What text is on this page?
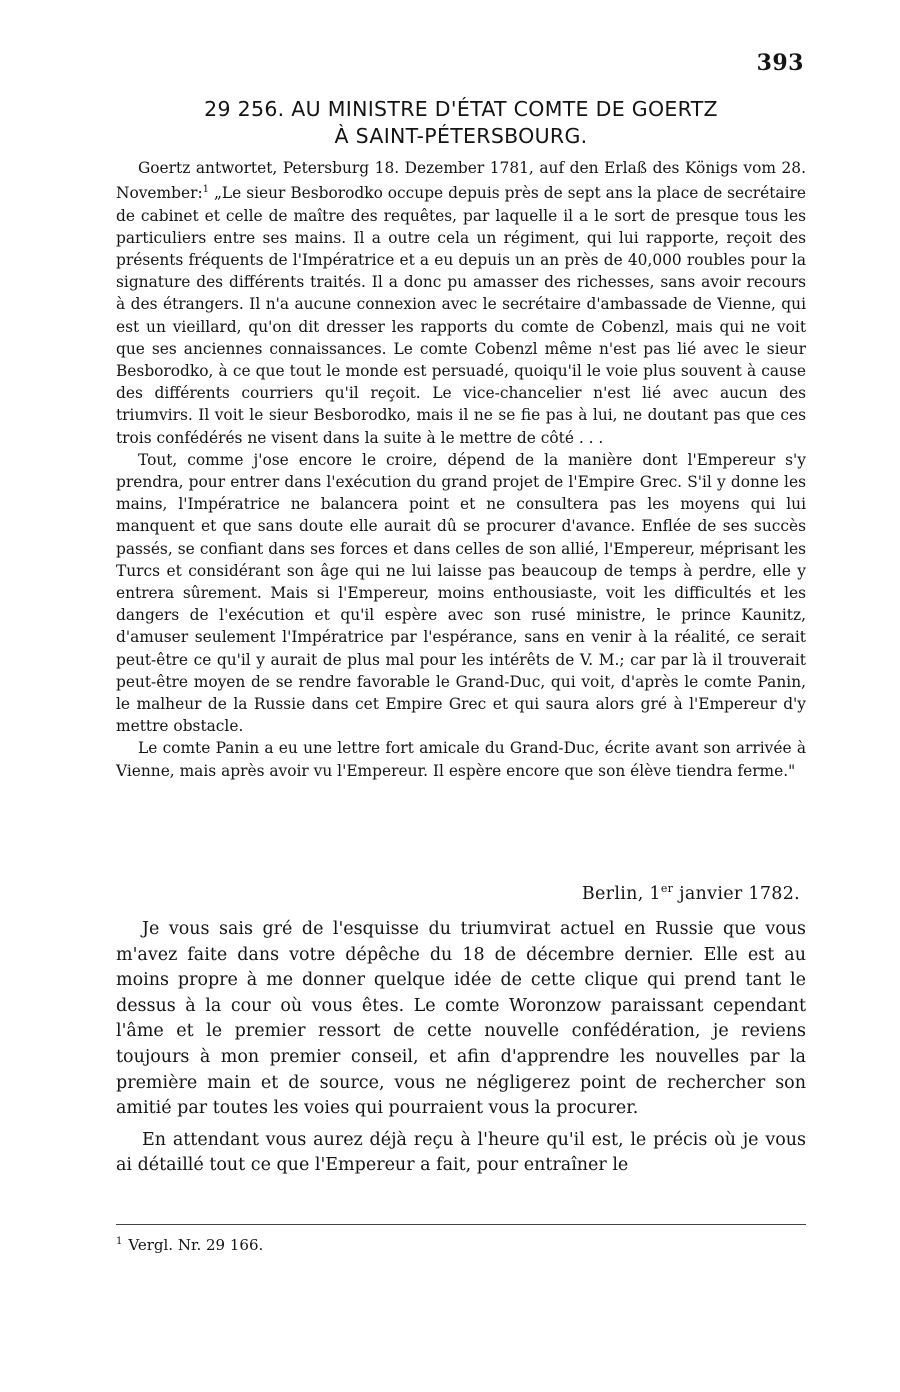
393
29 256. AU MINISTRE D'ÉTAT COMTE DE GOERTZ
À SAINT-PÉTERSBOURG.

Goertz antwortet, Petersburg 18. Dezember 1781, auf den Erlaß des Königs vom 28. November:$^1$ „Le sieur Besborodko occupe depuis près de sept ans la place de secrétaire de cabinet et celle de maître des requêtes, par laquelle il a le sort de presque tous les particuliers entre ses mains. Il a outre cela un régiment, qui lui rapporte, reçoit des présents fréquents de l'Impératrice et a eu depuis un an près de 40,000 roubles pour la signature des différents traités. Il a donc pu amasser des richesses, sans avoir recours à des étrangers. Il n'a aucune connexion avec le secrétaire d'ambassade de Vienne, qui est un vieillard, qu'on dit dresser les rapports du comte de Cobenzl, mais qui ne voit que ses anciennes connaissances. Le comte Cobenzl même n'est pas lié avec le sieur Besborodko, à ce que tout le monde est persuadé, quoiqu'il le voie plus souvent à cause des différents courriers qu'il reçoit. Le vice-chancelier n'est lié avec aucun des triumvirs. Il voit le sieur Besborodko, mais il ne se fie pas à lui, ne doutant pas que ces trois confédérés ne visent dans la suite à le mettre de côté . . .

Tout, comme j'ose encore le croire, dépend de la manière dont l'Empereur s'y prendra, pour entrer dans l'exécution du grand projet de l'Empire Grec. S'il y donne les mains, l'Impératrice ne balancera point et ne consultera pas les moyens qui lui manquent et que sans doute elle aurait dû se procurer d'avance. Enflée de ses succès passés, se confiant dans ses forces et dans celles de son allié, l'Empereur, méprisant les Turcs et considérant son âge qui ne lui laisse pas beaucoup de temps à perdre, elle y entrera sûrement. Mais si l'Empereur, moins enthousiaste, voit les difficultés et les dangers de l'exécution et qu'il espère avec son rusé ministre, le prince Kaunitz, d'amuser seulement l'Impératrice par l'espérance, sans en venir à la réalité, ce serait peut-être ce qu'il y aurait de plus mal pour les intérêts de V. M.; car par là il trouverait peut-être moyen de se rendre favorable le Grand-Duc, qui voit, d'après le comte Panin, le malheur de la Russie dans cet Empire Grec et qui saura alors gré à l'Empereur d'y mettre obstacle.

Le comte Panin a eu une lettre fort amicale du Grand-Duc, écrite avant son arrivée à Vienne, mais après avoir vu l'Empereur. Il espère encore que son élève tiendra ferme."

Berlin, 1er janvier 1782.

Je vous sais gré de l'esquisse du triumvirat actuel en Russie que vous m'avez faite dans votre dépêche du 18 de décembre dernier. Elle est au moins propre à me donner quelque idée de cette clique qui prend tant le dessus à la cour où vous êtes. Le comte Woronzow paraissant cependant l'âme et le premier ressort de cette nouvelle confédération, je reviens toujours à mon premier conseil, et afin d'apprendre les nouvelles par la première main et de source, vous ne négligerez point de rechercher son amitié par toutes les voies qui pourraient vous la procurer.

En attendant vous aurez déjà reçu à l'heure qu'il est, le précis où je vous ai détaillé tout ce que l'Empereur a fait, pour entraîner le

$^1$ Vergl. Nr. 29 166.
